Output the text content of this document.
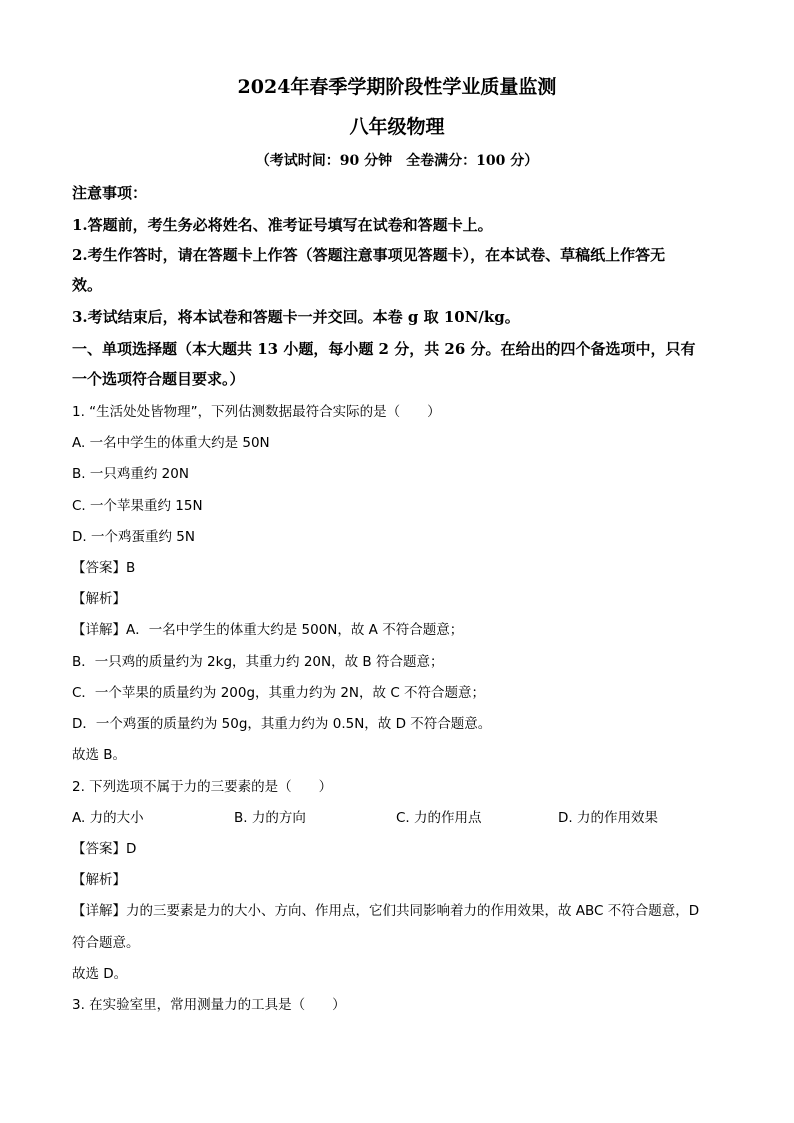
2024年春季学期阶段性学业质量监测
八年级物理
（考试时间：90 分钟　全卷满分：100 分）
注意事项：
1.答题前，考生务必将姓名、准考证号填写在试卷和答题卡上。
2.考生作答时，请在答题卡上作答（答题注意事项见答题卡），在本试卷、草稿纸上作答无
效。
3.考试结束后，将本试卷和答题卡一并交回。本卷 g 取 10N/kg。
一、单项选择题（本大题共 13 小题，每小题 2 分，共 26 分。在给出的四个备选项中，只有
一个选项符合题目要求。）
1. “生活处处皆物理”，下列估测数据最符合实际的是（　　）
A. 一名中学生的体重大约是 50N
B. 一只鸡重约 20N
C. 一个苹果重约 15N
D. 一个鸡蛋重约 5N
【答案】B
【解析】
【详解】A．一名中学生的体重大约是 500N，故 A 不符合题意；
B．一只鸡的质量约为 2kg，其重力约 20N，故 B 符合题意；
C．一个苹果的质量约为 200g，其重力约为 2N，故 C 不符合题意；
D．一个鸡蛋的质量约为 50g，其重力约为 0.5N，故 D 不符合题意。
故选 B。
2. 下列选项不属于力的三要素的是（　　）
A. 力的大小	B. 力的方向	C. 力的作用点	D. 力的作用效果
【答案】D
【解析】
【详解】力的三要素是力的大小、方向、作用点，它们共同影响着力的作用效果，故 ABC 不符合题意，D
符合题意。
故选 D。
3. 在实验室里，常用测量力的工具是（　　）
